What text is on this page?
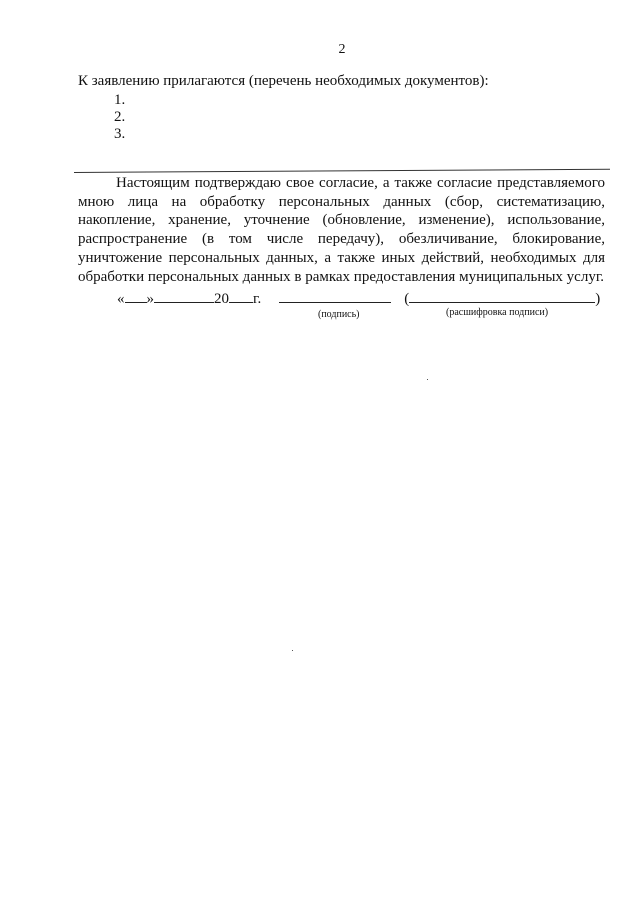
2
К заявлению прилагаются (перечень необходимых документов):
1.
2.
3.
Настоящим подтверждаю свое согласие, а также согласие представляемого мною лица на обработку персональных данных (сбор, систематизацию, накопление, хранение, уточнение (обновление, изменение), использование, распространение (в том числе передачу), обезличивание, блокирование, уничтожение персональных данных, а также иных действий, необходимых для обработки персональных данных в рамках предоставления муниципальных услуг.
« »	20 г.	(	)
(подпись)	(расшифровка подписи)
